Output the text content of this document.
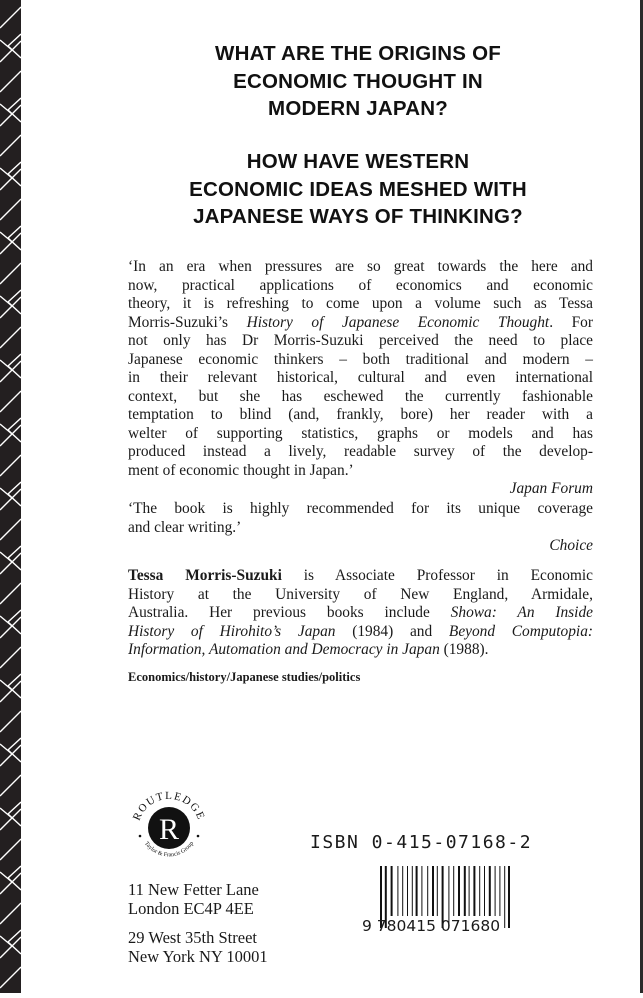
WHAT ARE THE ORIGINS OF
ECONOMIC THOUGHT IN
MODERN JAPAN?
HOW HAVE WESTERN
ECONOMIC IDEAS MESHED WITH
JAPANESE WAYS OF THINKING?
‘In an era when pressures are so great towards the here and
now, practical applications of economics and economic
theory, it is refreshing to come upon a volume such as Tessa
Morris-Suzuki’s History of Japanese Economic Thought. For
not only has Dr Morris-Suzuki perceived the need to place
Japanese economic thinkers – both traditional and modern –
in their relevant historical, cultural and even international
context, but she has eschewed the currently fashionable
temptation to blind (and, frankly, bore) her reader with a
welter of supporting statistics, graphs or models and has
produced instead a lively, readable survey of the develop-
ment of economic thought in Japan.’
Japan Forum
‘The book is highly recommended for its unique coverage
and clear writing.’
Choice
Tessa Morris-Suzuki is Associate Professor in Economic
History at the University of New England, Armidale,
Australia. Her previous books include Showa: An Inside
History of Hirohito’s Japan (1984) and Beyond Computopia:
Information, Automation and Democracy in Japan (1988).
Economics/history/Japanese studies/politics
ROUTLEDGE
Taylor & Francis Group
R
11 New Fetter Lane
London EC4P 4EE
29 West 35th Street
New York NY 10001
ISBN 0-415-07168-2
9 780415 071680
